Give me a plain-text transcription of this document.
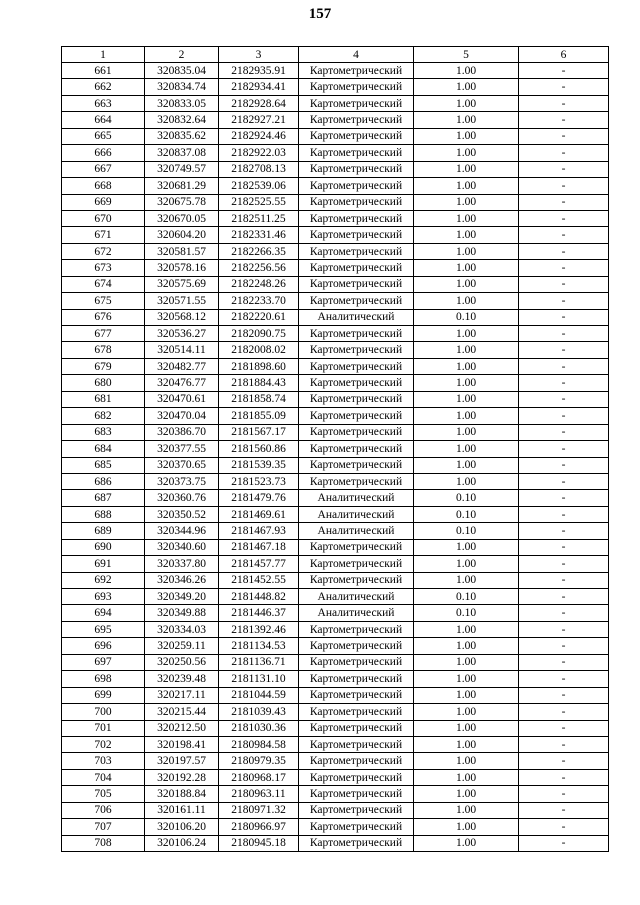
157
1	2	3	4	5	6
661	320835.04	2182935.91	Картометрический	1.00	-
662	320834.74	2182934.41	Картометрический	1.00	-
663	320833.05	2182928.64	Картометрический	1.00	-
664	320832.64	2182927.21	Картометрический	1.00	-
665	320835.62	2182924.46	Картометрический	1.00	-
666	320837.08	2182922.03	Картометрический	1.00	-
667	320749.57	2182708.13	Картометрический	1.00	-
668	320681.29	2182539.06	Картометрический	1.00	-
669	320675.78	2182525.55	Картометрический	1.00	-
670	320670.05	2182511.25	Картометрический	1.00	-
671	320604.20	2182331.46	Картометрический	1.00	-
672	320581.57	2182266.35	Картометрический	1.00	-
673	320578.16	2182256.56	Картометрический	1.00	-
674	320575.69	2182248.26	Картометрический	1.00	-
675	320571.55	2182233.70	Картометрический	1.00	-
676	320568.12	2182220.61	Аналитический	0.10	-
677	320536.27	2182090.75	Картометрический	1.00	-
678	320514.11	2182008.02	Картометрический	1.00	-
679	320482.77	2181898.60	Картометрический	1.00	-
680	320476.77	2181884.43	Картометрический	1.00	-
681	320470.61	2181858.74	Картометрический	1.00	-
682	320470.04	2181855.09	Картометрический	1.00	-
683	320386.70	2181567.17	Картометрический	1.00	-
684	320377.55	2181560.86	Картометрический	1.00	-
685	320370.65	2181539.35	Картометрический	1.00	-
686	320373.75	2181523.73	Картометрический	1.00	-
687	320360.76	2181479.76	Аналитический	0.10	-
688	320350.52	2181469.61	Аналитический	0.10	-
689	320344.96	2181467.93	Аналитический	0.10	-
690	320340.60	2181467.18	Картометрический	1.00	-
691	320337.80	2181457.77	Картометрический	1.00	-
692	320346.26	2181452.55	Картометрический	1.00	-
693	320349.20	2181448.82	Аналитический	0.10	-
694	320349.88	2181446.37	Аналитический	0.10	-
695	320334.03	2181392.46	Картометрический	1.00	-
696	320259.11	2181134.53	Картометрический	1.00	-
697	320250.56	2181136.71	Картометрический	1.00	-
698	320239.48	2181131.10	Картометрический	1.00	-
699	320217.11	2181044.59	Картометрический	1.00	-
700	320215.44	2181039.43	Картометрический	1.00	-
701	320212.50	2181030.36	Картометрический	1.00	-
702	320198.41	2180984.58	Картометрический	1.00	-
703	320197.57	2180979.35	Картометрический	1.00	-
704	320192.28	2180968.17	Картометрический	1.00	-
705	320188.84	2180963.11	Картометрический	1.00	-
706	320161.11	2180971.32	Картометрический	1.00	-
707	320106.20	2180966.97	Картометрический	1.00	-
708	320106.24	2180945.18	Картометрический	1.00	-
